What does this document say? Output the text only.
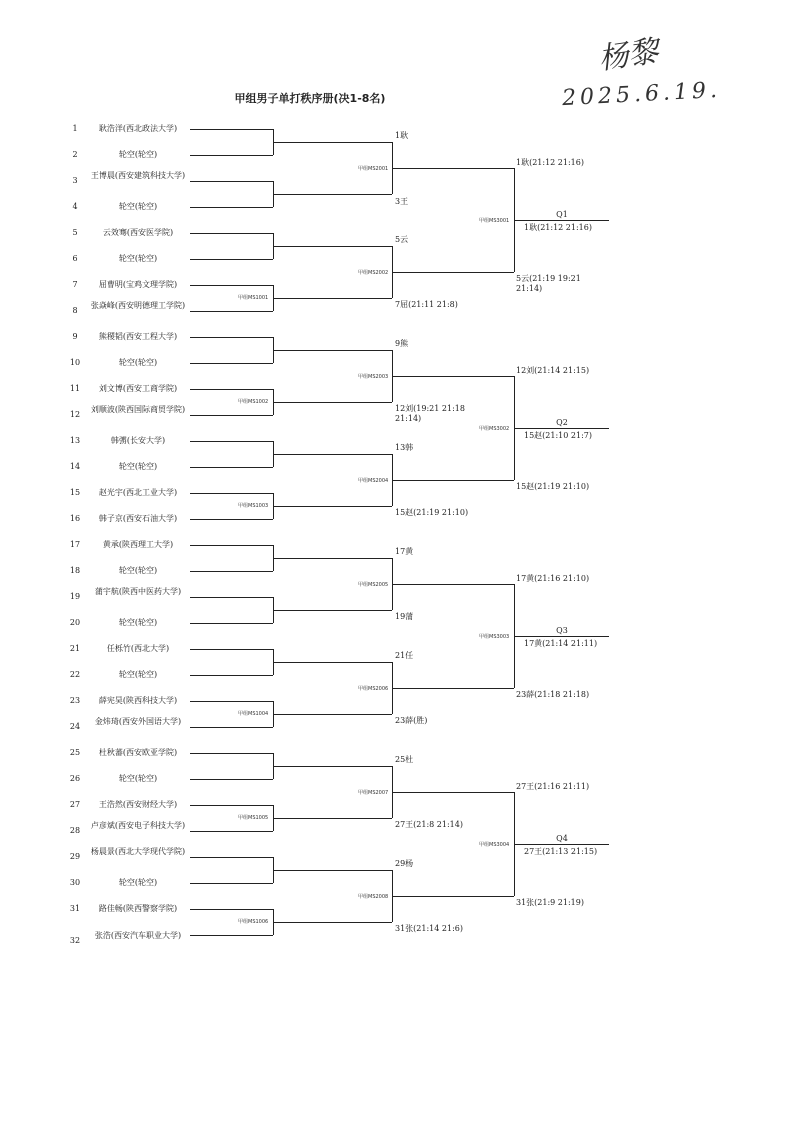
甲组男子单打秩序册(决1-8名)
杨黎
2025.6.19.
1	耿浩洋(西北政法大学)
2	轮空(轮空)
3
王博晨(西安建筑科技大学)
4	轮空(轮空)
5	云效骞(西安医学院)
6	轮空(轮空)
7	屈曹明(宝鸡文理学院)
8
张焱峰(西安明德理工学院)
9	熊稷韬(西安工程大学)
10	轮空(轮空)
11	刘文博(西安工商学院)
12
刘顺波(陕西国际商贸学院)
13	韩彅(长安大学)
14	轮空(轮空)
15	赵光宇(西北工业大学)
16	韩子京(西安石油大学)
17	黄承(陕西理工大学)
18	轮空(轮空)
19
蒲宇航(陕西中医药大学)
20	轮空(轮空)
21	任栎竹(西北大学)
22	轮空(轮空)
23	薛宪昊(陕西科技大学)
24
金炜琦(西安外国语大学)
25	杜秋蕃(西安欧亚学院)
26	轮空(轮空)
27	王浩然(西安财经大学)
28
卢彦斌(西安电子科技大学)
29
杨晨景(西北大学现代学院)
30	轮空(轮空)
31	路佳畅(陕西警察学院)
32
张浩(西安汽车职业大学)
甲组MS1001
甲组MS1002
甲组MS1003
甲组MS1004
甲组MS1005
甲组MS1006
甲组MS2001
甲组MS2002
甲组MS2003
甲组MS2004
甲组MS2005
甲组MS2006
甲组MS2007
甲组MS2008
1耿
3王
5云
7屈(21:11 21:8)
9熊
12刘(19:21 21:18 21:14)
13韩
15赵(21:19 21:10)
17黄
19蒲
21任
23薛(胜)
25杜
27王(21:8 21:14)
29杨
31张(21:14 21:6)
甲组MS3001
甲组MS3002
甲组MS3003
甲组MS3004
1耿(21:12 21:16)
5云(21:19 19:21 21:14)
12刘(21:14 21:15)
15赵(21:19 21:10)
17黄(21:16 21:10)
23薛(21:18 21:18)
27王(21:16 21:11)
31张(21:9 21:19)
Q1
1耿(21:12 21:16)
Q2
15赵(21:10 21:7)
Q3
17黄(21:14 21:11)
Q4
27王(21:13 21:15)
